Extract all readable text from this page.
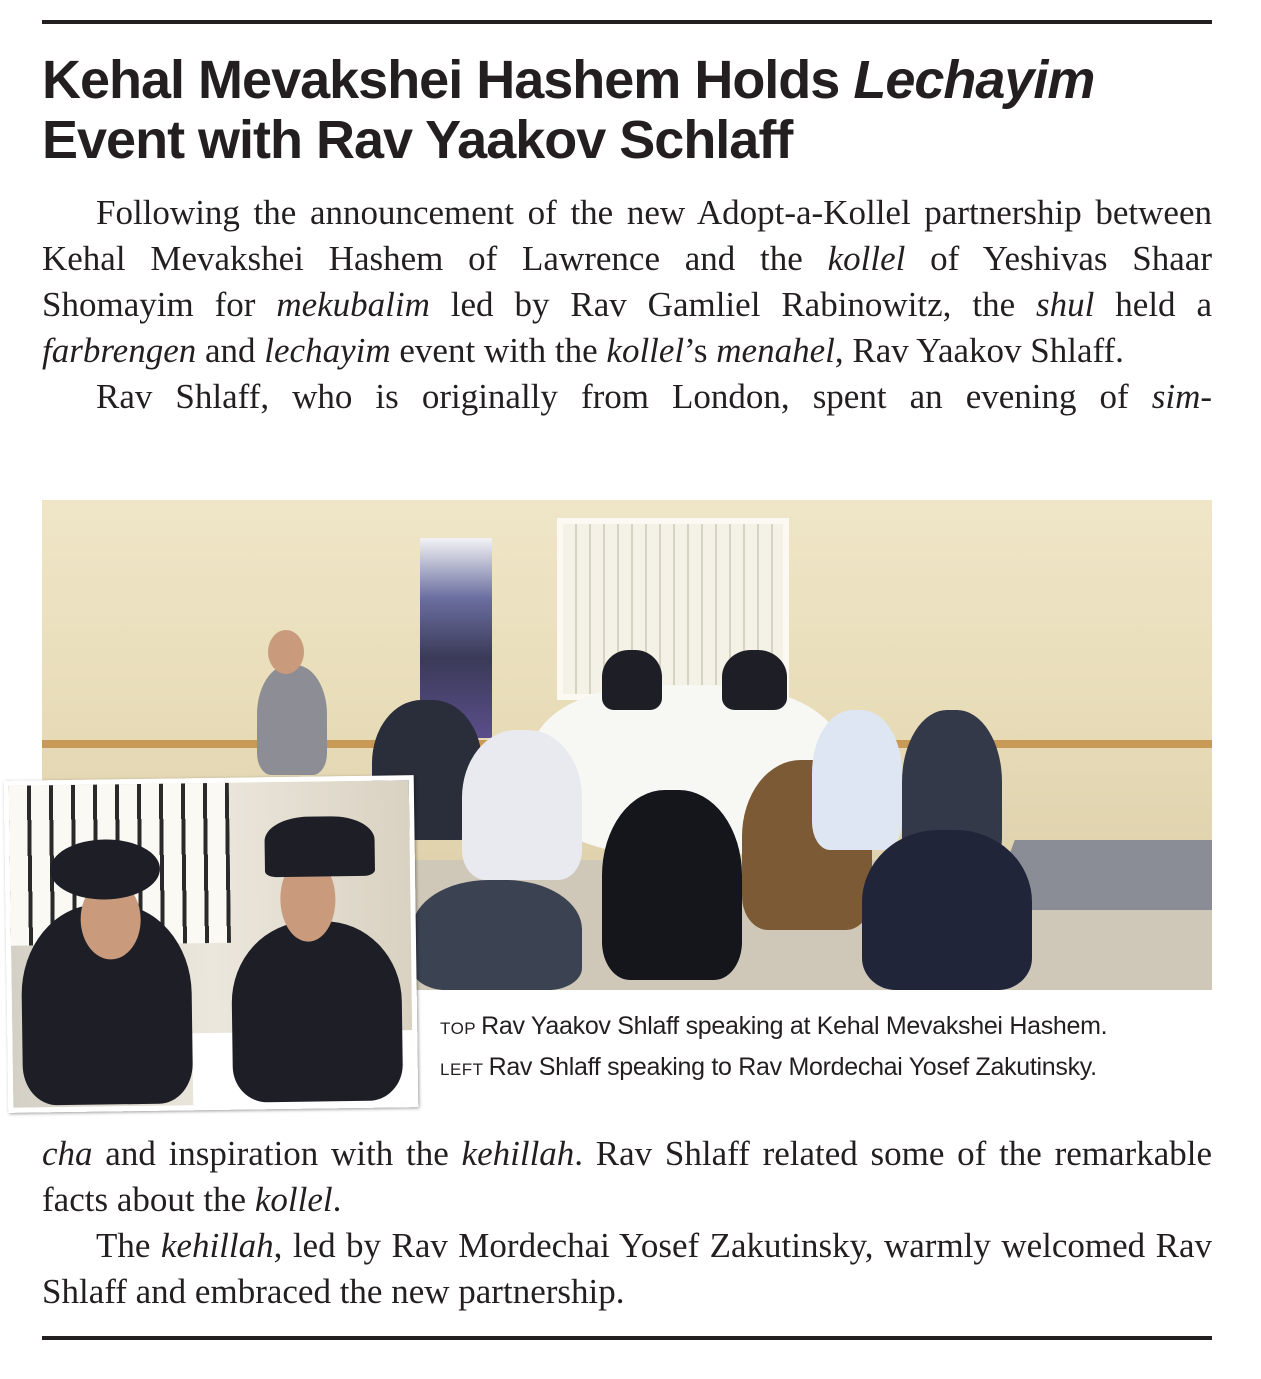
Kehal Mevakshei Hashem Holds Lechayim
Event with Rav Yaakov Schlaff

Following the announcement of the new Adopt-a-Kollel partnership between Kehal Mevakshei Hashem of Lawrence and the kollel of Yeshivas Shaar Shomayim for mekubalim led by Rav Gamliel Rabinowitz, the shul held a farbrengen and lechayim event with the kollel’s menahel, Rav Yaakov Shlaff.

Rav Shlaff, who is originally from London, spent an evening of sim-

TOP Rav Yaakov Shlaff speaking at Kehal Mevakshei Hashem.
LEFT Rav Shlaff speaking to Rav Mordechai Yosef Zakutinsky.

cha and inspiration with the kehillah. Rav Shlaff related some of the remarkable facts about the kollel.

The kehillah, led by Rav Mordechai Yosef Zakutinsky, warmly welcomed Rav Shlaff and embraced the new partnership.
